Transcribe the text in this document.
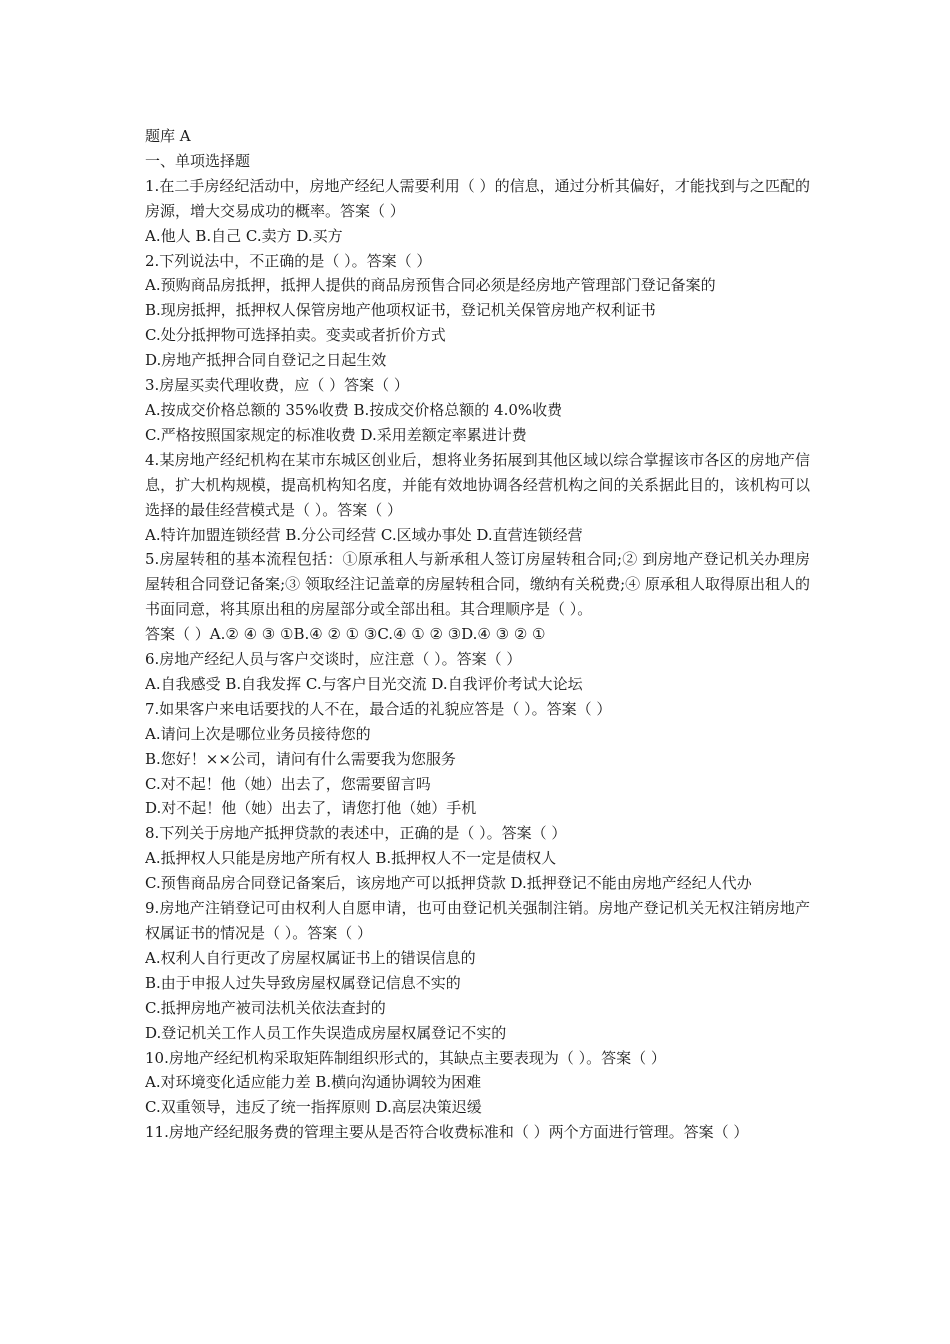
题库 A
一、单项选择题
1.在二手房经纪活动中，房地产经纪人需要利用（ ）的信息，通过分析其偏好，才能找到与之匹配的房源，增大交易成功的概率。答案（ ）
A.他人 B.自己 C.卖方 D.买方
2.下列说法中，不正确的是（ ）。答案（ ）
A.预购商品房抵押，抵押人提供的商品房预售合同必须是经房地产管理部门登记备案的
B.现房抵押，抵押权人保管房地产他项权证书，登记机关保管房地产权利证书
C.处分抵押物可选择拍卖。变卖或者折价方式
D.房地产抵押合同自登记之日起生效
3.房屋买卖代理收费，应（ ）答案（ ）
A.按成交价格总额的 35%收费 B.按成交价格总额的 4.0%收费
C.严格按照国家规定的标准收费 D.采用差额定率累进计费
4.某房地产经纪机构在某市东城区创业后，想将业务拓展到其他区域以综合掌握该市各区的房地产信息，扩大机构规模，提高机构知名度，并能有效地协调各经营机构之间的关系据此目的，该机构可以选择的最佳经营模式是（ ）。答案（ ）
A.特许加盟连锁经营 B.分公司经营 C.区域办事处 D.直营连锁经营
5.房屋转租的基本流程包括：①原承租人与新承租人签订房屋转租合同;② 到房地产登记机关办理房屋转租合同登记备案;③ 领取经注记盖章的房屋转租合同，缴纳有关税费;④ 原承租人取得原出租人的书面同意，将其原出租的房屋部分或全部出租。其合理顺序是（ ）。
答案（ ）A.② ④ ③ ①B.④ ② ① ③C.④ ① ② ③D.④ ③ ② ①
6.房地产经纪人员与客户交谈时，应注意（ ）。答案（ ）
A.自我感受 B.自我发挥 C.与客户目光交流 D.自我评价考试大论坛
7.如果客户来电话要找的人不在，最合适的礼貌应答是（ ）。答案（ ）
A.请问上次是哪位业务员接待您的
B.您好！××公司，请问有什么需要我为您服务
C.对不起！他（她）出去了，您需要留言吗
D.对不起！他（她）出去了，请您打他（她）手机
8.下列关于房地产抵押贷款的表述中，正确的是（ ）。答案（ ）
A.抵押权人只能是房地产所有权人 B.抵押权人不一定是债权人
C.预售商品房合同登记备案后，该房地产可以抵押贷款 D.抵押登记不能由房地产经纪人代办
9.房地产注销登记可由权利人自愿申请，也可由登记机关强制注销。房地产登记机关无权注销房地产权属证书的情况是（ ）。答案（ ）
A.权利人自行更改了房屋权属证书上的错误信息的
B.由于申报人过失导致房屋权属登记信息不实的
C.抵押房地产被司法机关依法查封的
D.登记机关工作人员工作失误造成房屋权属登记不实的
10.房地产经纪机构采取矩阵制组织形式的，其缺点主要表现为（ ）。答案（ ）
A.对环境变化适应能力差 B.横向沟通协调较为困难
C.双重领导，违反了统一指挥原则 D.高层决策迟缓
11.房地产经纪服务费的管理主要从是否符合收费标准和（ ）两个方面进行管理。答案（ ）
